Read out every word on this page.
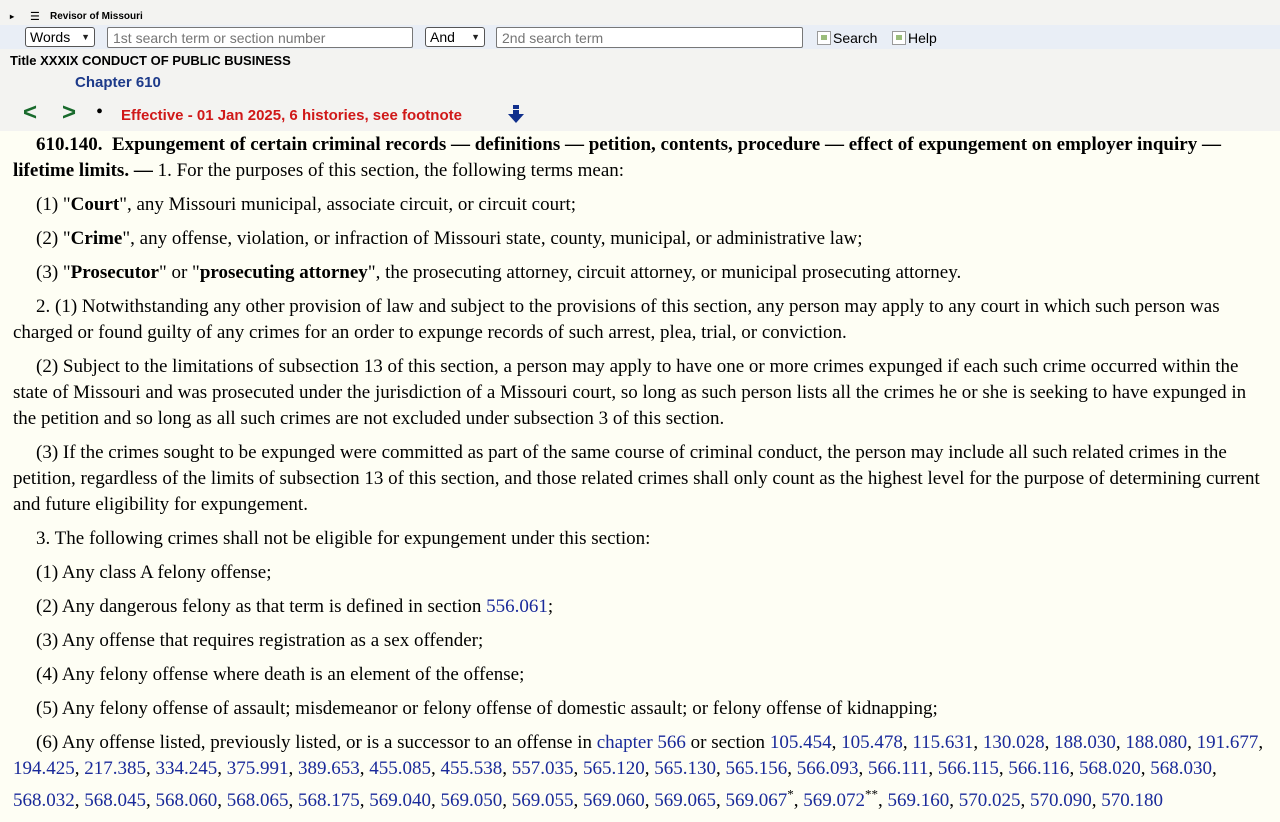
▸	☰	Revisor of Missouri
Words ▼	1st search term or section number	And ▼	2nd search term	Search Help
Title XXXIX CONDUCT OF PUBLIC BUSINESS
Chapter 610
< > • Effective - 01 Jan 2025, 6 histories, see footnote

610.140. Expungement of certain criminal records — definitions — petition, contents, procedure — effect of expungement on employer inquiry — lifetime limits. — 1. For the purposes of this section, the following terms mean:

(1) "Court", any Missouri municipal, associate circuit, or circuit court;

(2) "Crime", any offense, violation, or infraction of Missouri state, county, municipal, or administrative law;

(3) "Prosecutor" or "prosecuting attorney", the prosecuting attorney, circuit attorney, or municipal prosecuting attorney.

2. (1) Notwithstanding any other provision of law and subject to the provisions of this section, any person may apply to any court in which such person was charged or found guilty of any crimes for an order to expunge records of such arrest, plea, trial, or conviction.

(2) Subject to the limitations of subsection 13 of this section, a person may apply to have one or more crimes expunged if each such crime occurred within the state of Missouri and was prosecuted under the jurisdiction of a Missouri court, so long as such person lists all the crimes he or she is seeking to have expunged in the petition and so long as all such crimes are not excluded under subsection 3 of this section.

(3) If the crimes sought to be expunged were committed as part of the same course of criminal conduct, the person may include all such related crimes in the petition, regardless of the limits of subsection 13 of this section, and those related crimes shall only count as the highest level for the purpose of determining current and future eligibility for expungement.

3. The following crimes shall not be eligible for expungement under this section:

(1) Any class A felony offense;

(2) Any dangerous felony as that term is defined in section 556.061;

(3) Any offense that requires registration as a sex offender;

(4) Any felony offense where death is an element of the offense;

(5) Any felony offense of assault; misdemeanor or felony offense of domestic assault; or felony offense of kidnapping;

(6) Any offense listed, previously listed, or is a successor to an offense in chapter 566 or section 105.454, 105.478, 115.631, 130.028, 188.030, 188.080, 191.677, 194.425, 217.385, 334.245, 375.991, 389.653, 455.085, 455.538, 557.035, 565.120, 565.130, 565.156, 566.093, 566.111, 566.115, 566.116, 568.020, 568.030, 568.032, 568.045, 568.060, 568.065, 568.175, 569.040, 569.050, 569.055, 569.060, 569.065, 569.067*, 569.072**, 569.160, 570.025, 570.090, 570.180
